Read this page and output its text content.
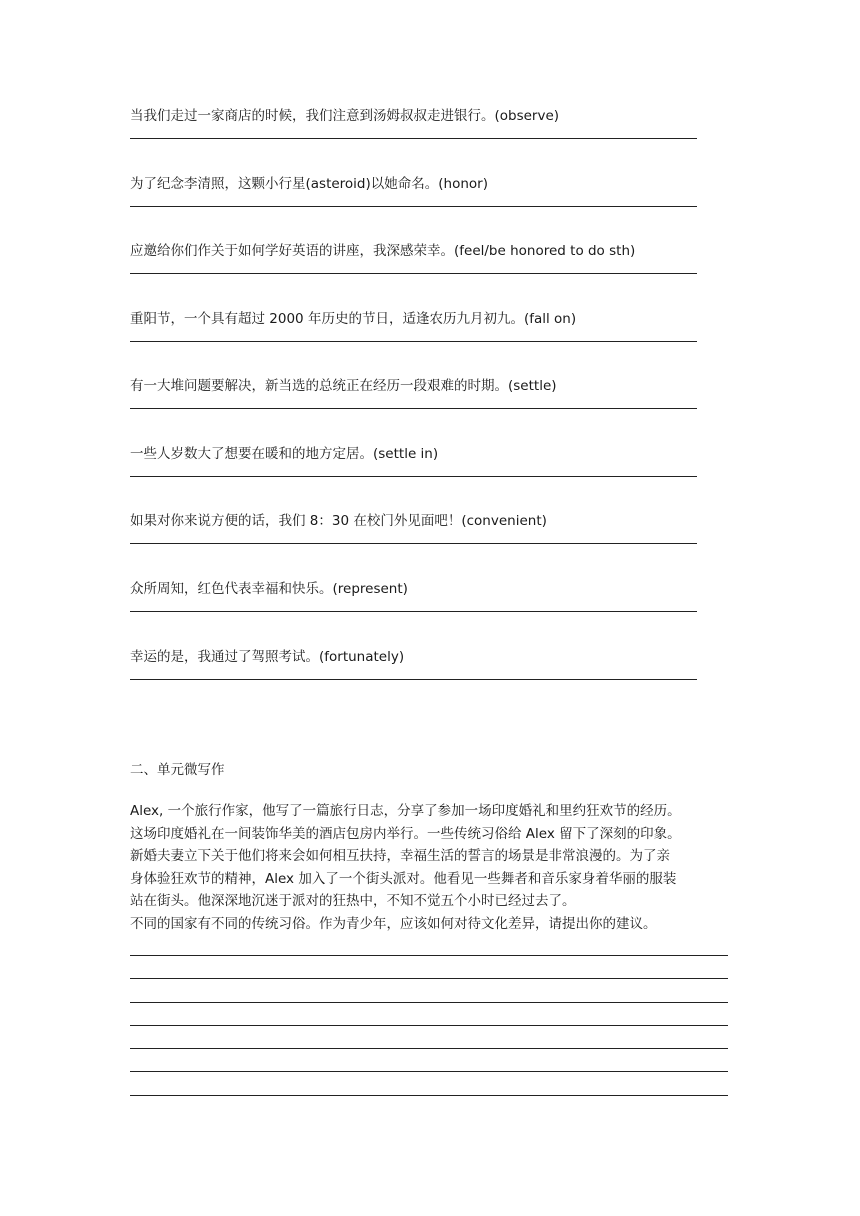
当我们走过一家商店的时候，我们注意到汤姆叔叔走进银行。(observe)
为了纪念李清照，这颗小行星(asteroid)以她命名。(honor)
应邀给你们作关于如何学好英语的讲座，我深感荣幸。(feel/be honored to do sth)
重阳节，一个具有超过 2000 年历史的节日，适逢农历九月初九。(fall on)
有一大堆问题要解决，新当选的总统正在经历一段艰难的时期。(settle)
一些人岁数大了想要在暖和的地方定居。(settle in)
如果对你来说方便的话，我们 8：30 在校门外见面吧！(convenient)
众所周知，红色代表幸福和快乐。(represent)
幸运的是，我通过了驾照考试。(fortunately)
二、单元微写作

Alex, 一个旅行作家，他写了一篇旅行日志，分享了参加一场印度婚礼和里约狂欢节的经历。

这场印度婚礼在一间装饰华美的酒店包房内举行。一些传统习俗给 Alex 留下了深刻的印象。

新婚夫妻立下关于他们将来会如何相互扶持，幸福生活的誓言的场景是非常浪漫的。为了亲

身体验狂欢节的精神，Alex 加入了一个街头派对。他看见一些舞者和音乐家身着华丽的服装

站在街头。他深深地沉迷于派对的狂热中，不知不觉五个小时已经过去了。

不同的国家有不同的传统习俗。作为青少年，应该如何对待文化差异，请提出你的建议。
